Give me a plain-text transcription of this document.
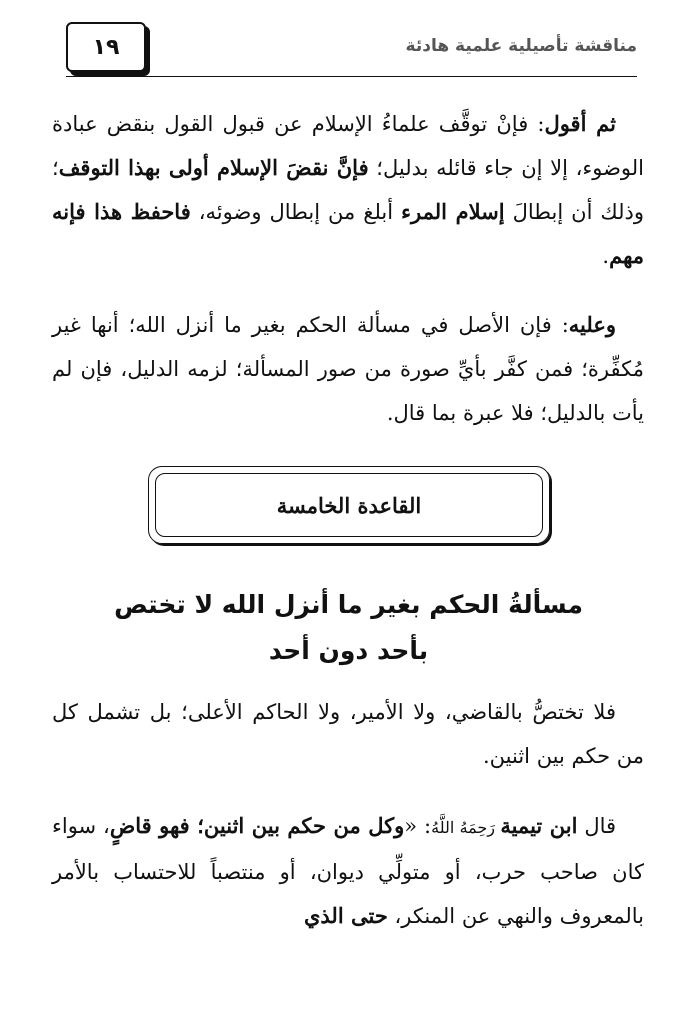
١٩	مناقشة تأصيلية علمية هادئة
ثم أقول: فإنْ توقَّف علماءُ الإسلام عن قبول القول بنقض عبادة الوضوء، إلا إن جاء قائله بدليل؛ فإنَّ نقضَ الإسلام أولى بهذا التوقف؛ وذلك أن إبطالَ إسلام المرء أبلغ من إبطال وضوئه، فاحفظ هذا فإنه مهم.
وعليه: فإن الأصل في مسألة الحكم بغير ما أنزل الله؛ أنها غير مُكفِّرة؛ فمن كفَّر بأيِّ صورة من صور المسألة؛ لزمه الدليل، فإن لم يأت بالدليل؛ فلا عبرة بما قال.
القاعدة الخامسة
مسألةُ الحكم بغير ما أنزل الله لا تختص
بأحد دون أحد
فلا تختصُّ بالقاضي، ولا الأمير، ولا الحاكم الأعلى؛ بل تشمل كل من حكم بين اثنين.
قال ابن تيمية رَحِمَهُ اللَّهُ: «وكل من حكم بين اثنين؛ فهو قاضٍ، سواء كان صاحب حرب، أو متولِّي ديوان، أو منتصباً للاحتساب بالأمر بالمعروف والنهي عن المنكر، حتى الذي
